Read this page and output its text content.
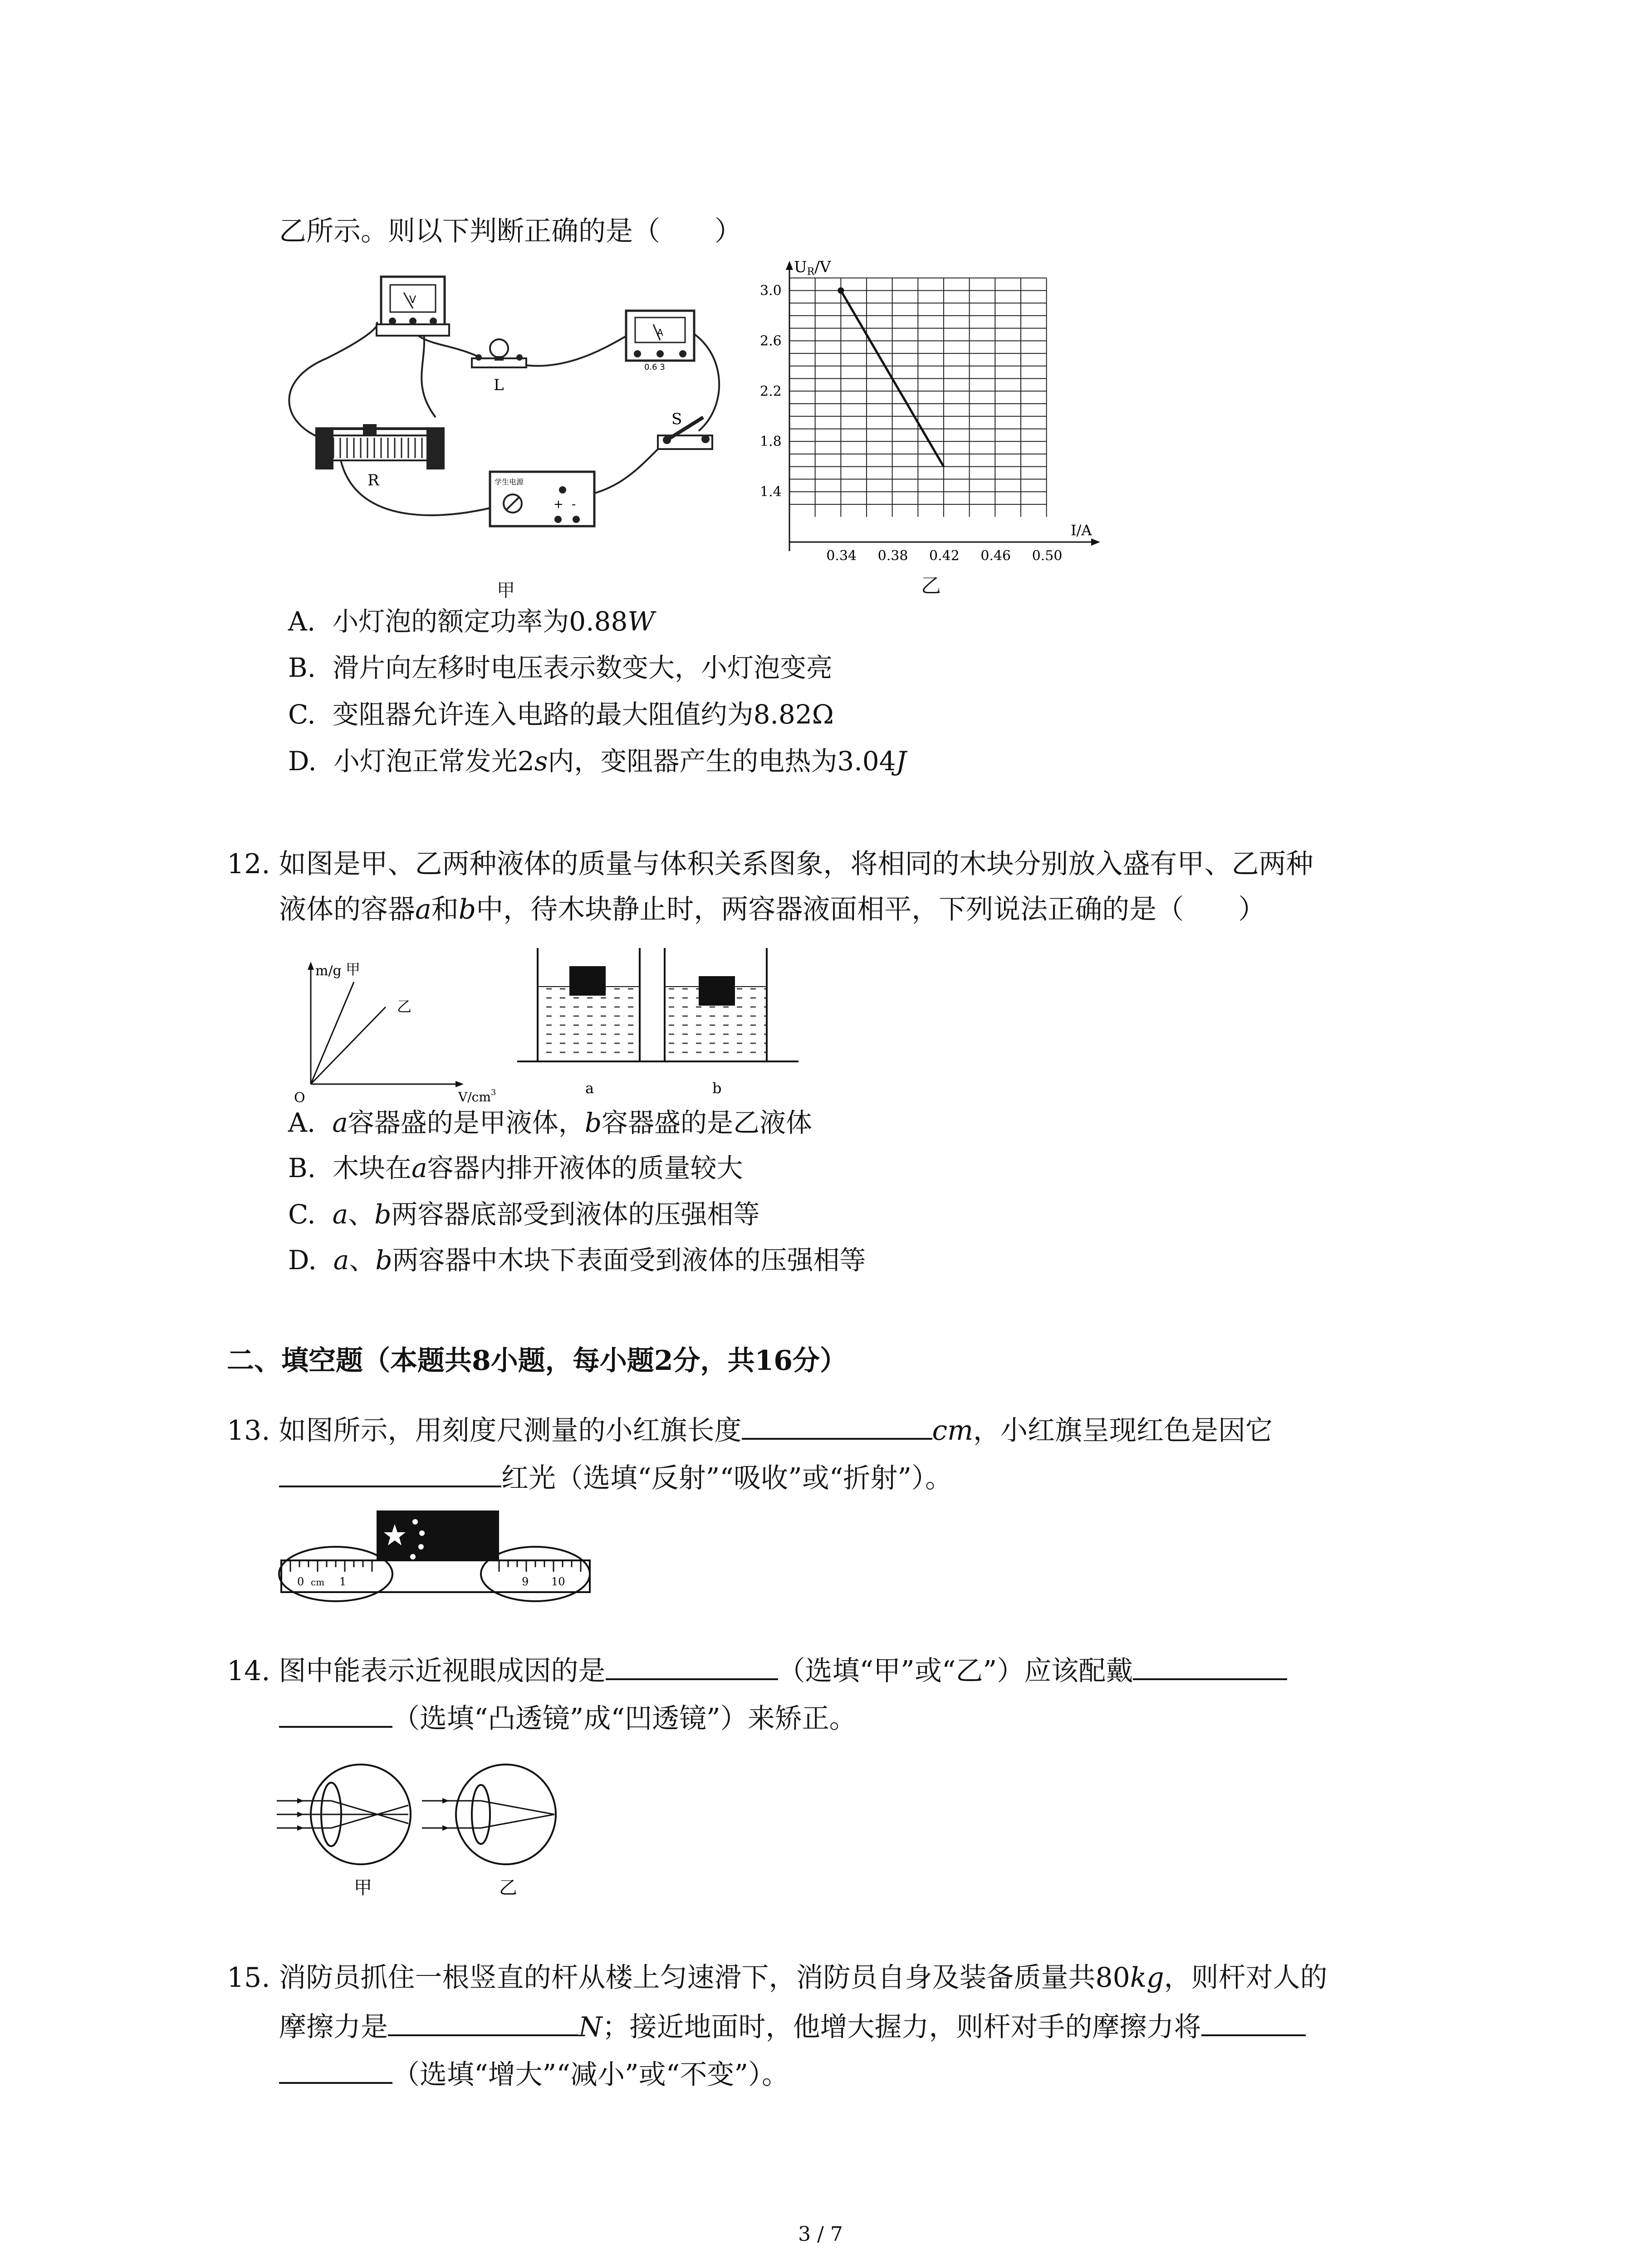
乙所示。则以下判断正确的是（　　）
V
L
A
0.6 3
S
R
+ -
学生电源
甲
UR/V
I/A
3.0
2.6
2.2
1.8
1.4
0.34 0.38 0.42 0.46 0.50
乙
A. 小灯泡的额定功率为0.88W
B. 滑片向左移时电压表示数变大，小灯泡变亮
C. 变阻器允许连入电路的最大阻值约为8.82Ω
D. 小灯泡正常发光2s内，变阻器产生的电热为3.04J
12. 如图是甲、乙两种液体的质量与体积关系图象，将相同的木块分别放入盛有甲、乙两种
液体的容器a和b中，待木块静止时，两容器液面相平，下列说法正确的是（　　）
m/g 甲
乙
O	$V/cm^3$	a	b
A. a容器盛的是甲液体，b容器盛的是乙液体
B. 木块在a容器内排开液体的质量较大
C. a、b两容器底部受到液体的压强相等
D. a、b两容器中木块下表面受到液体的压强相等
二、填空题（本题共8小题，每小题2分，共16分）
13. 如图所示，用刻度尺测量的小红旗长度	cm，小红旗呈现红色是因它
红光（选填“反射”“吸收”或“折射”）。
0 cm 1	9 10
14. 图中能表示近视眼成因的是	（选填“甲”或“乙”）应该配戴
（选填“凸透镜”成“凹透镜”）来矫正。
甲	乙
15. 消防员抓住一根竖直的杆从楼上匀速滑下，消防员自身及装备质量共80kg，则杆对人的
摩擦力是	N；接近地面时，他增大握力，则杆对手的摩擦力将
（选填“增大”“减小”或“不变”）。
3 / 7
